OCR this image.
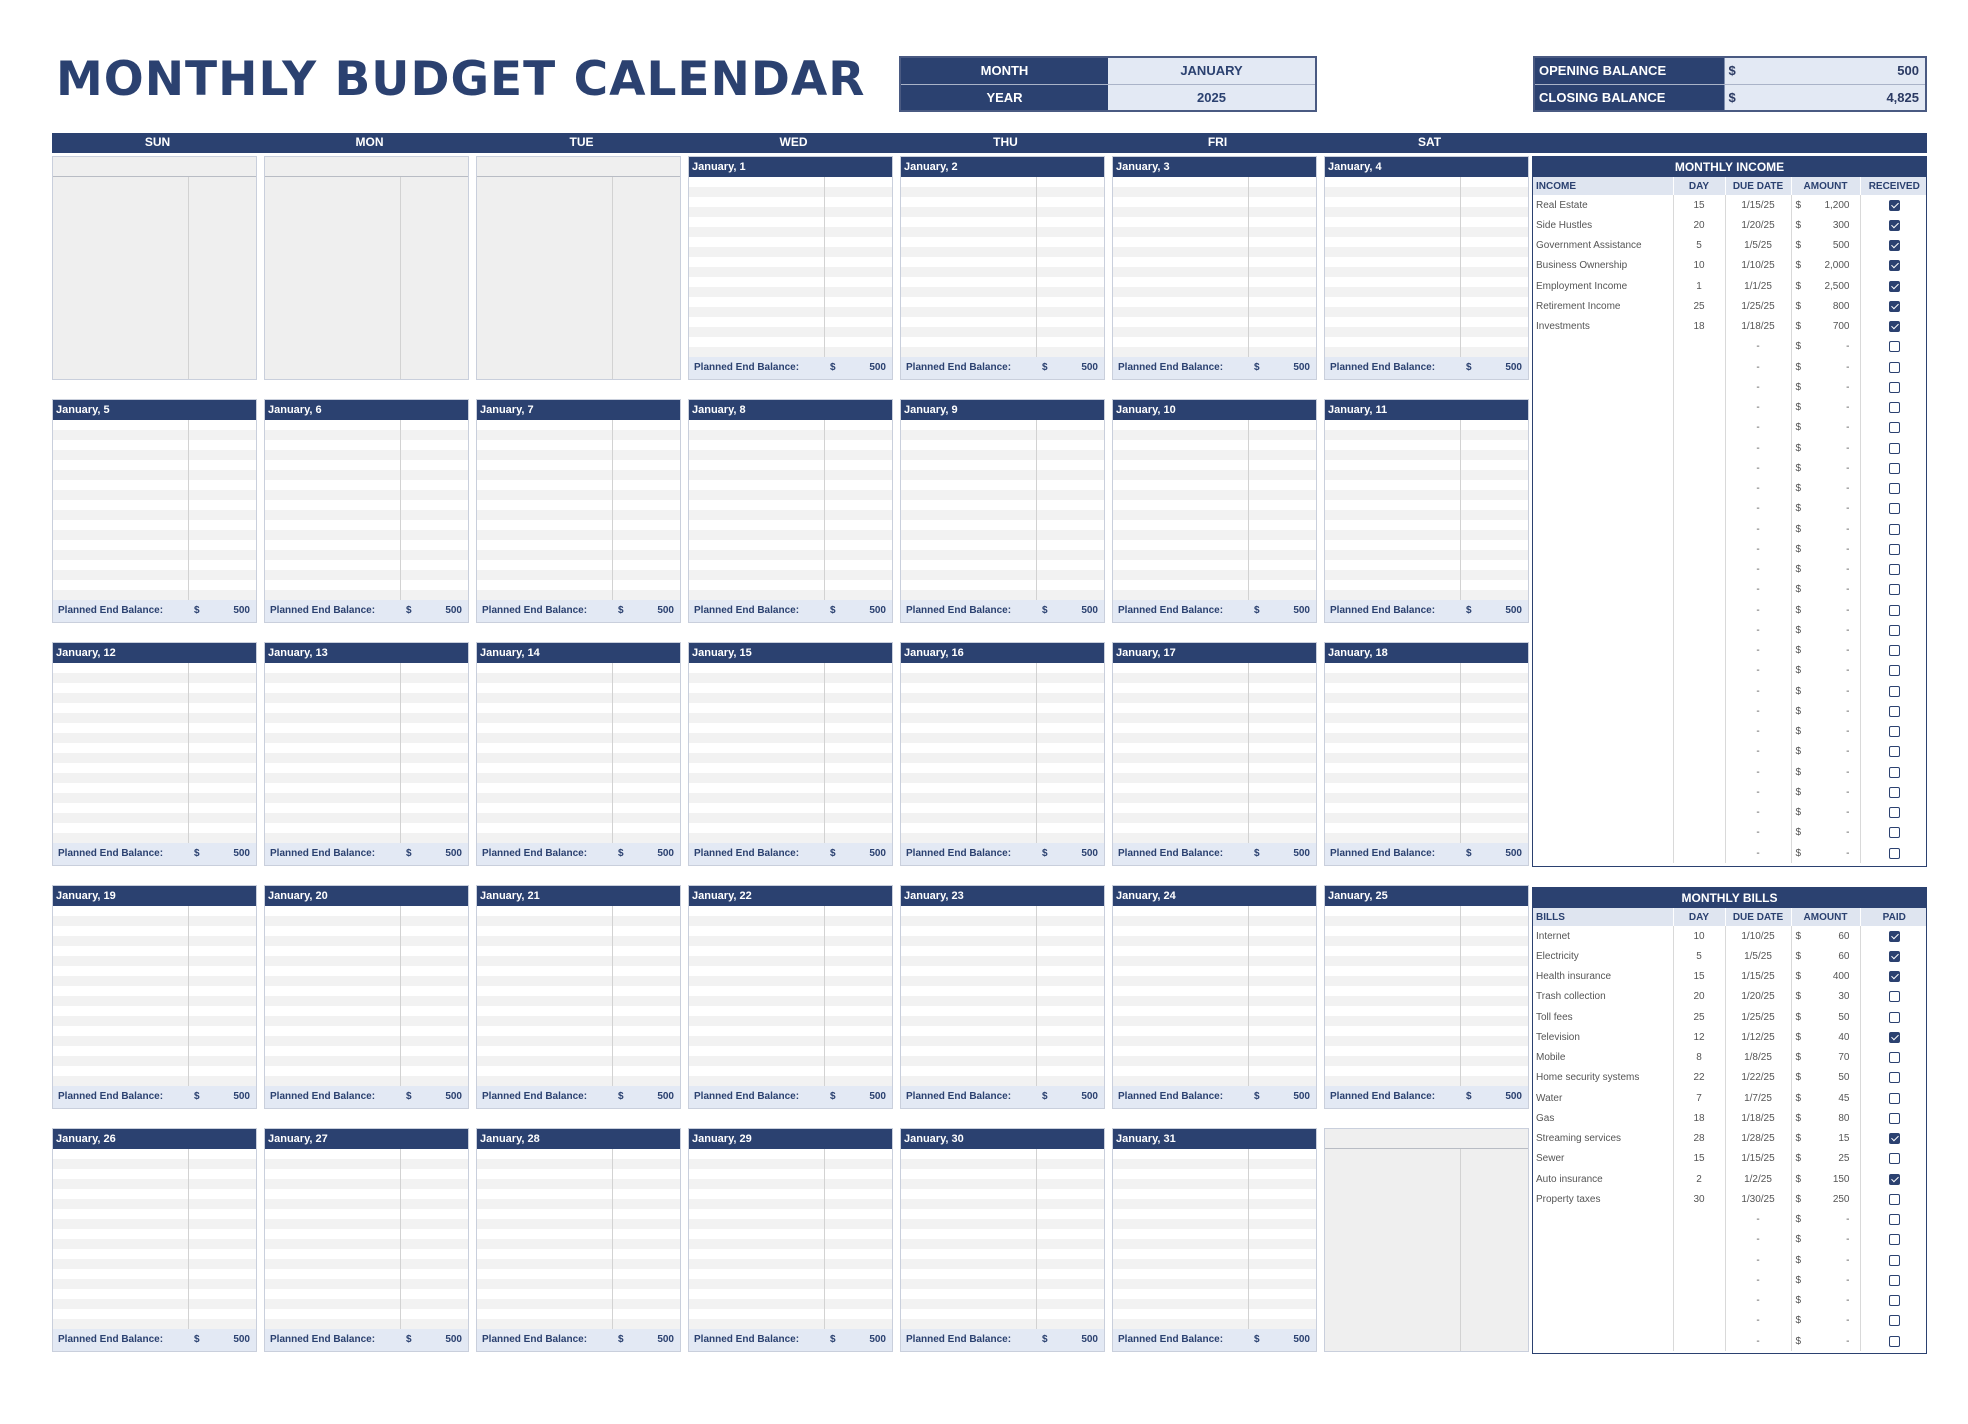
MONTHLY BUDGET CALENDAR	MONTH	JANUARY
YEAR	2025
OPENING BALANCE	$	500
CLOSING BALANCE	$	4,825
SUN	MON	TUE	WED	THU	FRI	SAT
January, 1
Planned End Balance:	$	500
January, 2
Planned End Balance:	$	500
January, 3
Planned End Balance:	$	500
January, 4
Planned End Balance:	$	500
January, 5
Planned End Balance:	$	500
January, 6
Planned End Balance:	$	500
January, 7
Planned End Balance:	$	500
January, 8
Planned End Balance:	$	500
January, 9
Planned End Balance:	$	500
January, 10
Planned End Balance:	$	500
January, 11
Planned End Balance:	$	500
January, 12
Planned End Balance:	$	500
January, 13
Planned End Balance:	$	500
January, 14
Planned End Balance:	$	500
January, 15
Planned End Balance:	$	500
January, 16
Planned End Balance:	$	500
January, 17
Planned End Balance:	$	500
January, 18
Planned End Balance:	$	500
January, 19
Planned End Balance:	$	500
January, 20
Planned End Balance:	$	500
January, 21
Planned End Balance:	$	500
January, 22
Planned End Balance:	$	500
January, 23
Planned End Balance:	$	500
January, 24
Planned End Balance:	$	500
January, 25
Planned End Balance:	$	500
January, 26
Planned End Balance:	$	500
January, 27
Planned End Balance:	$	500
January, 28
Planned End Balance:	$	500
January, 29
Planned End Balance:	$	500
January, 30
Planned End Balance:	$	500
January, 31
Planned End Balance:	$	500
MONTHLY INCOME
INCOME	DAY	DUE DATE	AMOUNT	RECEIVED
Real Estate	15	1/15/25	$ 1,200	

Side Hustles	20	1/20/25	$ 300	

Government Assistance	5	1/5/25	$ 500	

Business Ownership	10	1/10/25	$ 2,000	

Employment Income	1	1/1/25	$ 2,500	

Retirement Income	25	1/25/25	$ 800	

Investments	18	1/18/25	$ 700	

		-	$ -	

		-	$ -	

		-	$ -	

		-	$ -	

		-	$ -	

		-	$ -	

		-	$ -	

		-	$ -	

		-	$ -	

		-	$ -	

		-	$ -	

		-	$ -	

		-	$ -	

		-	$ -	

		-	$ -	

		-	$ -	

		-	$ -	

		-	$ -	

		-	$ -	

		-	$ -	

		-	$ -	

		-	$ -	

		-	$ -	

		-	$ -	

		-	$ -	

		-	$ -	

MONTHLY BILLS
BILLS	DAY	DUE DATE	AMOUNT	PAID
Internet	10	1/10/25	$ 60	

Electricity	5	1/5/25	$ 60	

Health insurance	15	1/15/25	$ 400	

Trash collection	20	1/20/25	$ 30	

Toll fees	25	1/25/25	$ 50	

Television	12	1/12/25	$ 40	

Mobile	8	1/8/25	$ 70	

Home security systems	22	1/22/25	$ 50	

Water	7	1/7/25	$ 45	

Gas	18	1/18/25	$ 80	

Streaming services	28	1/28/25	$ 15	

Sewer	15	1/15/25	$ 25	

Auto insurance	2	1/2/25	$ 150	

Property taxes	30	1/30/25	$ 250	

		-	$ -	

		-	$ -	

		-	$ -	

		-	$ -	

		-	$ -	

		-	$ -	

		-	$ -	
